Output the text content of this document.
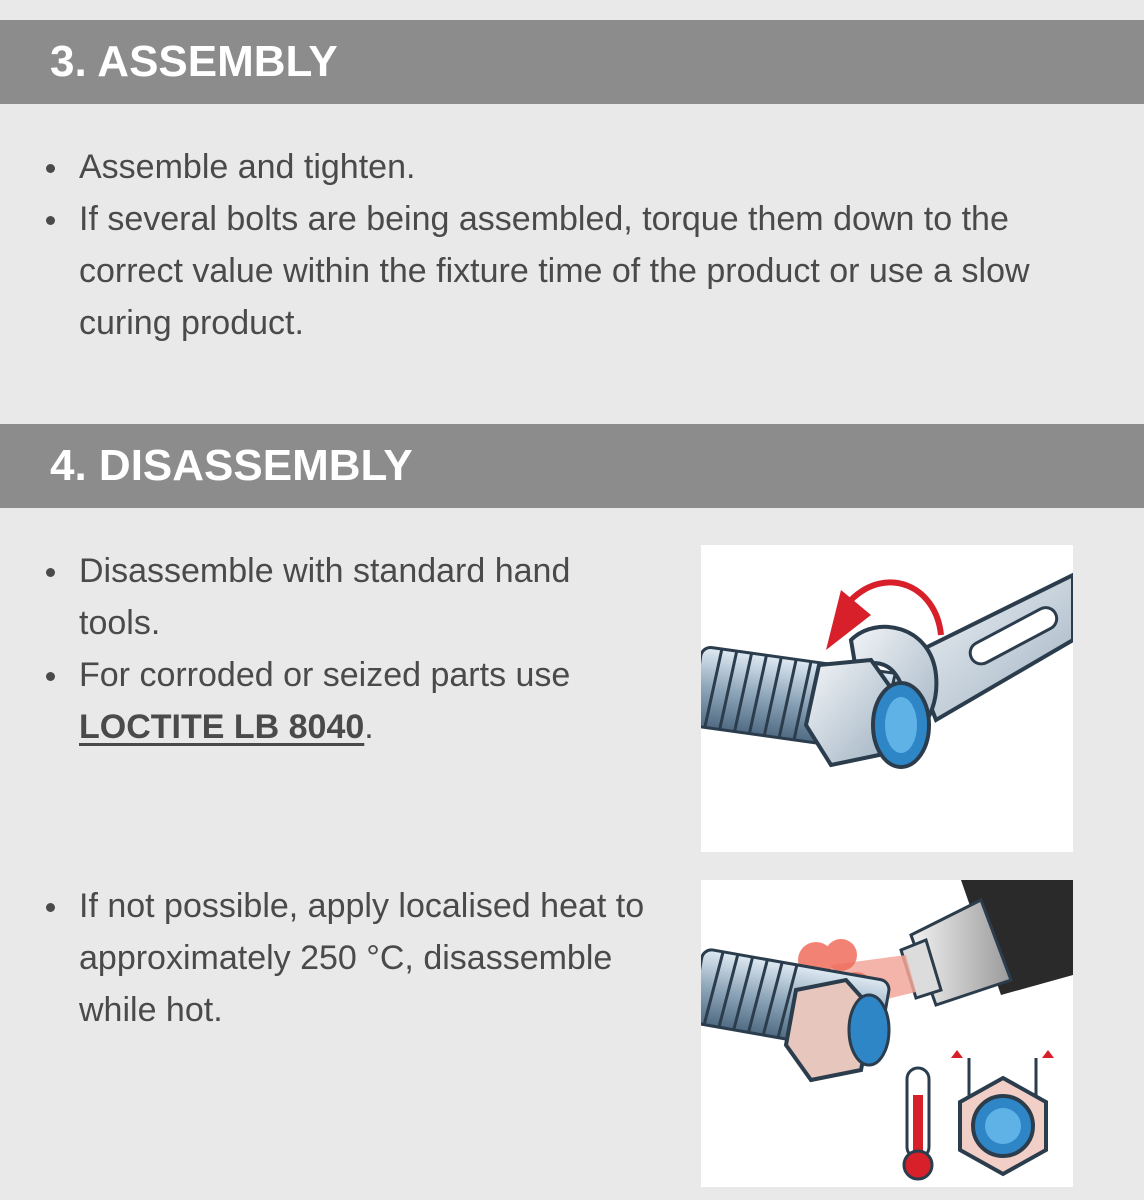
3. ASSEMBLY
Assemble and tighten.
If several bolts are being assembled, torque them down to the correct value within the fixture time of the product or use a slow curing product.
4. DISASSEMBLY
Disassemble with standard hand tools.
For corroded or seized parts use LOCTITE LB 8040.
If not possible, apply localised heat to approximately 250 °C, disassemble while hot.
